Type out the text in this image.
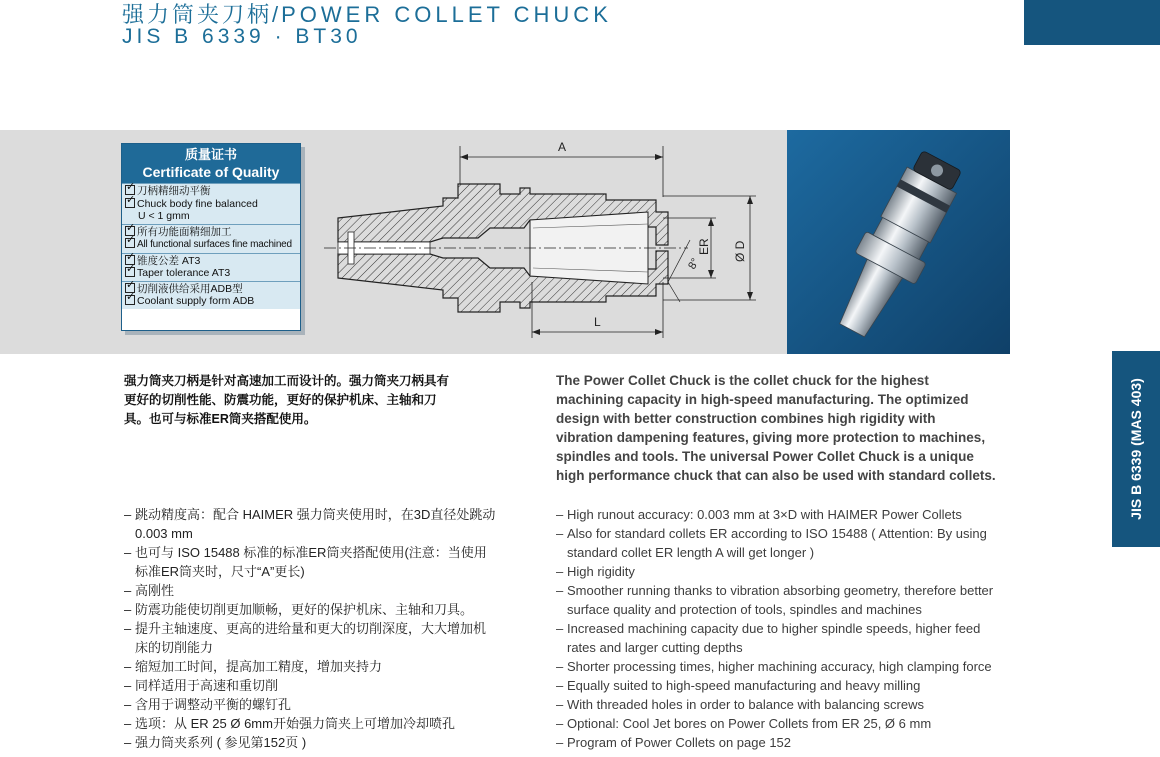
强力筒夹刀柄/POWER COLLET CHUCK
JIS B 6339 · BT30
质量证书
Certificate of Quality
✓刀柄精细动平衡
✓Chuck body fine balanced
U < 1 gmm
✓所有功能面精细加工
✓All functional surfaces fine machined
✓锥度公差 AT3
✓Taper tolerance AT3
✓切削液供给采用ADB型
✓Coolant supply form ADB
A
ER Ø D
8°
L
JIS B 6339 (MAS 403)
强力筒夹刀柄是针对高速加工而设计的。强力筒夹刀柄具有更好的切削性能、防震功能，更好的保护机床、主轴和刀具。也可与标准ER筒夹搭配使用。
The Power Collet Chuck is the collet chuck for the highest machining capacity in high-speed manufacturing. The optimized design with better construction combines high rigidity with vibration dampening features, giving more protection to machines, spindles and tools. The universal Power Collet Chuck is a unique high performance chuck that can also be used with standard collets.
– 跳动精度高：配合 HAIMER 强力筒夹使用时，在3D直径处跳动0.003 mm
– 也可与 ISO 15488 标准的标准ER筒夹搭配使用(注意：当使用标准ER筒夹时，尺寸“A”更长)
– 高刚性
– 防震功能使切削更加顺畅，更好的保护机床、主轴和刀具。
– 提升主轴速度、更高的进给量和更大的切削深度，大大增加机床的切削能力
– 缩短加工时间，提高加工精度，增加夹持力
– 同样适用于高速和重切削
– 含用于调整动平衡的螺钉孔
– 选项：从 ER 25 Ø 6mm开始强力筒夹上可增加冷却喷孔
– 强力筒夹系列 ( 参见第152页 )
– High runout accuracy: 0.003 mm at 3×D with HAIMER Power Collets
– Also for standard collets ER according to ISO 15488 ( Attention: By using standard collet ER length A will get longer )
– High rigidity
– Smoother running thanks to vibration absorbing geometry, therefore better surface quality and protection of tools, spindles and machines
– Increased machining capacity due to higher spindle speeds, higher feed rates and larger cutting depths
– Shorter processing times, higher machining accuracy, high clamping force
– Equally suited to high-speed manufacturing and heavy milling
– With threaded holes in order to balance with balancing screws
– Optional: Cool Jet bores on Power Collets from ER 25, Ø 6 mm
– Program of Power Collets on page 152
